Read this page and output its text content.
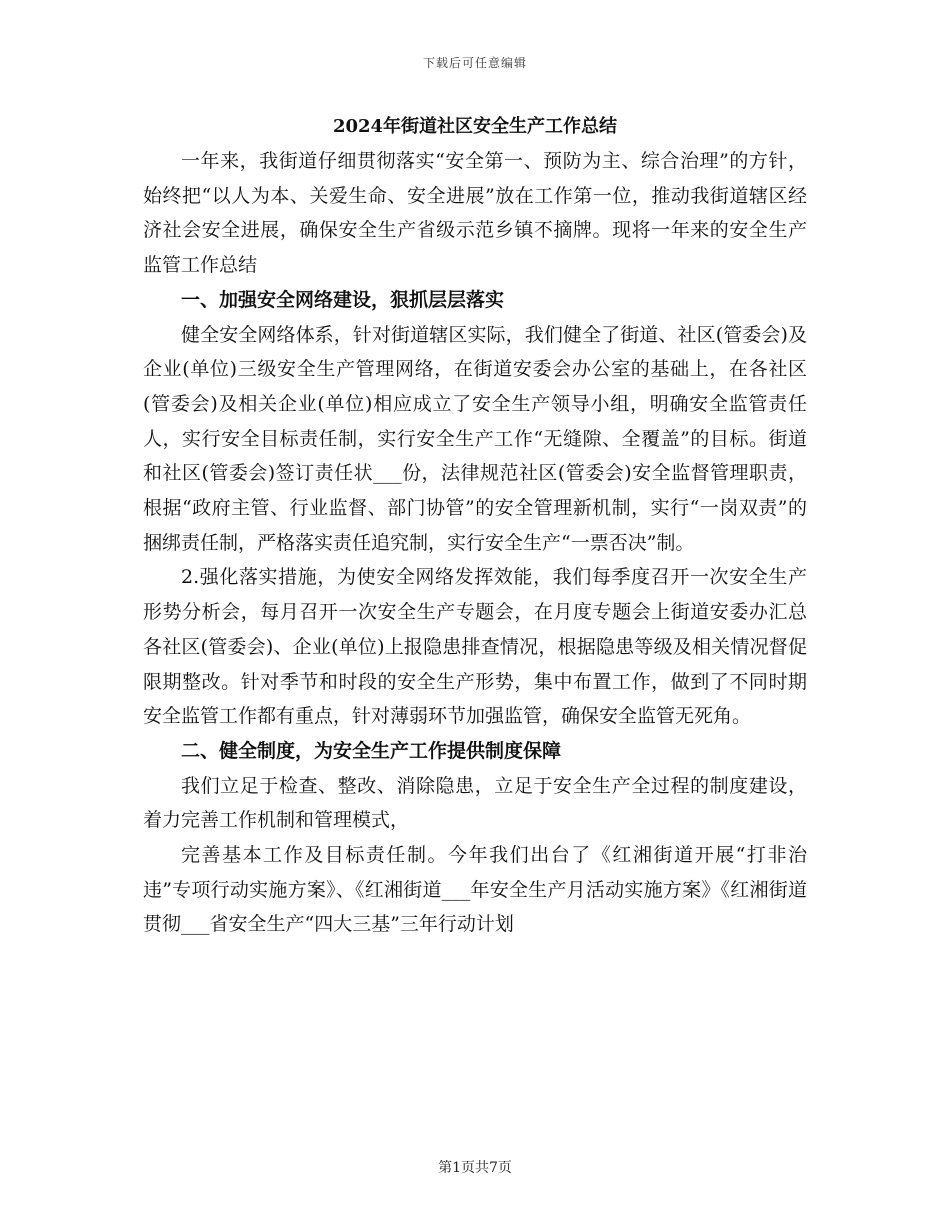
下载后可任意编辑
2024年街道社区安全生产工作总结

一年来，我街道仔细贯彻落实“安全第一、预防为主、综合治理”的方针，始终把“以人为本、关爱生命、安全进展”放在工作第一位，推动我街道辖区经济社会安全进展，确保安全生产省级示范乡镇不摘牌。现将一年来的安全生产监管工作总结

一、加强安全网络建设，狠抓层层落实

健全安全网络体系，针对街道辖区实际，我们健全了街道、社区(管委会)及企业(单位)三级安全生产管理网络，在街道安委会办公室的基础上，在各社区(管委会)及相关企业(单位)相应成立了安全生产领导小组，明确安全监管责任人，实行安全目标责任制，实行安全生产工作“无缝隙、全覆盖”的目标。街道和社区(管委会)签订责任状___份，法律规范社区(管委会)安全监督管理职责，根据“政府主管、行业监督、部门协管”的安全管理新机制，实行“一岗双责”的捆绑责任制，严格落实责任追究制，实行安全生产“一票否决”制。

2.强化落实措施，为使安全网络发挥效能，我们每季度召开一次安全生产形势分析会，每月召开一次安全生产专题会，在月度专题会上街道安委办汇总各社区(管委会)、企业(单位)上报隐患排查情况，根据隐患等级及相关情况督促限期整改。针对季节和时段的安全生产形势，集中布置工作，做到了不同时期安全监管工作都有重点，针对薄弱环节加强监管，确保安全监管无死角。

二、健全制度，为安全生产工作提供制度保障

我们立足于检查、整改、消除隐患，立足于安全生产全过程的制度建设，着力完善工作机制和管理模式，

完善基本工作及目标责任制。今年我们出台了《红湘街道开展“打非治违”专项行动实施方案》、《红湘街道___年安全生产月活动实施方案》《红湘街道贯彻___省安全生产“四大三基”三年行动计划

第1页共7页
